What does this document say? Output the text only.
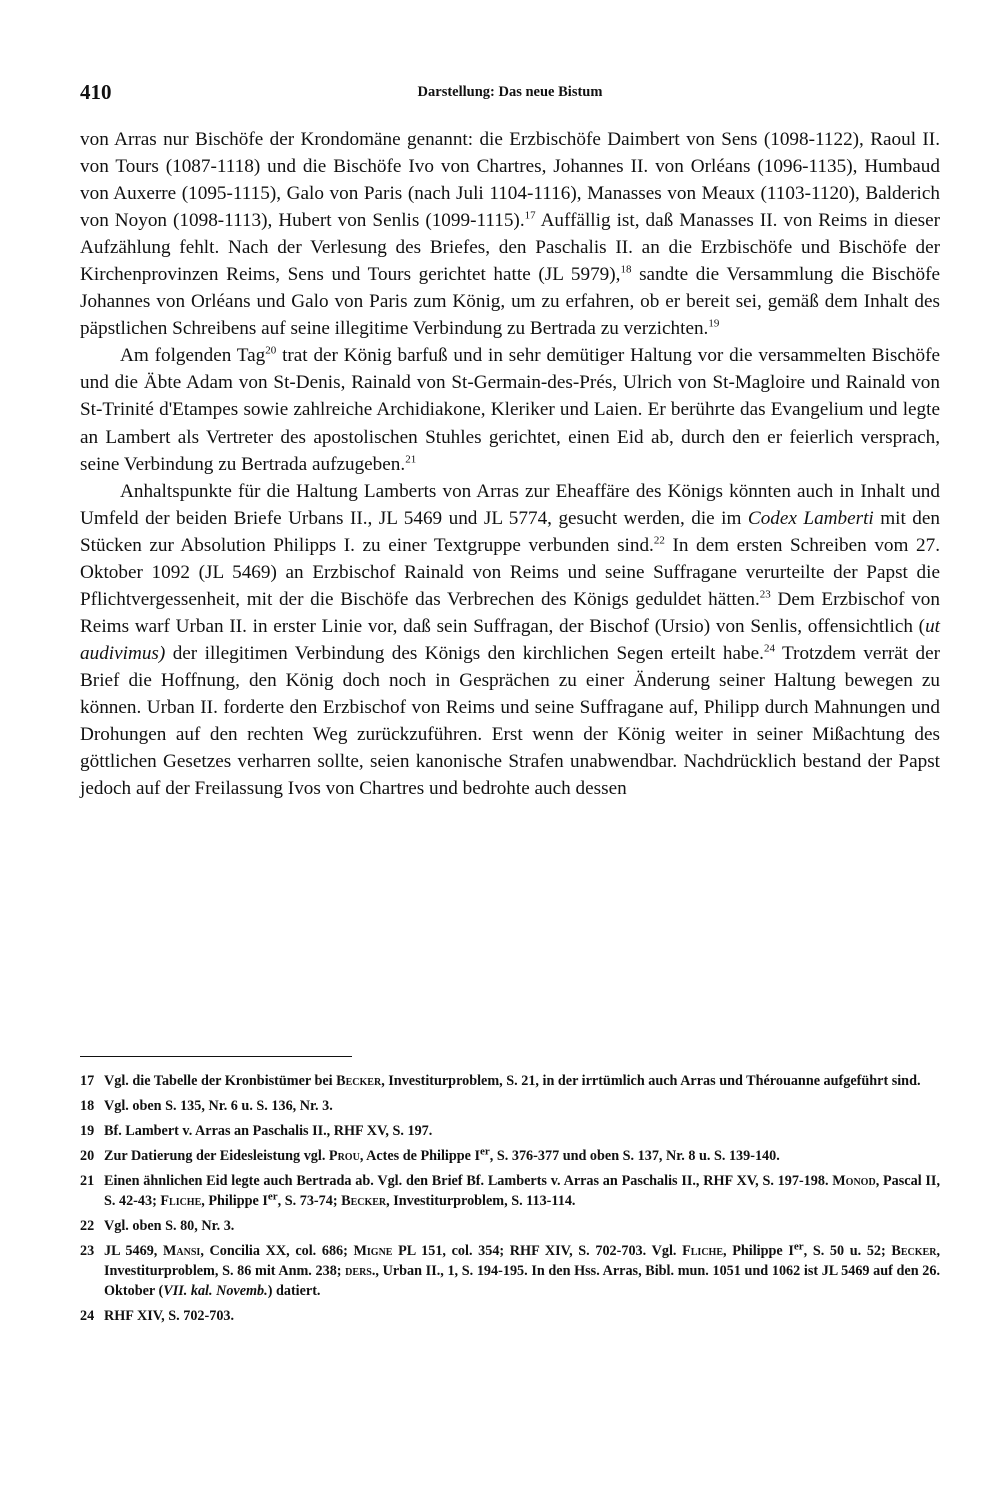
410	Darstellung: Das neue Bistum

von Arras nur Bischöfe der Krondomäne genannt: die Erzbischöfe Daimbert von Sens (1098-1122), Raoul II. von Tours (1087-1118) und die Bischöfe Ivo von Chartres, Johannes II. von Orléans (1096-1135), Humbaud von Auxerre (1095-1115), Galo von Paris (nach Juli 1104-1116), Manasses von Meaux (1103-1120), Balderich von Noyon (1098-1113), Hubert von Senlis (1099-1115).$^{17}$ Auffällig ist, daß Manasses II. von Reims in dieser Aufzählung fehlt. Nach der Verlesung des Briefes, den Paschalis II. an die Erzbischöfe und Bischöfe der Kirchenprovinzen Reims, Sens und Tours gerichtet hatte (JL 5979),$^{18}$ sandte die Versammlung die Bischöfe Johannes von Orléans und Galo von Paris zum König, um zu erfahren, ob er bereit sei, gemäß dem Inhalt des päpstlichen Schreibens auf seine illegitime Verbindung zu Bertrada zu verzichten.$^{19}$

Am folgenden Tag$^{20}$ trat der König barfuß und in sehr demütiger Haltung vor die versammelten Bischöfe und die Äbte Adam von St-Denis, Rainald von St-Germain-des-Prés, Ulrich von St-Magloire und Rainald von St-Trinité d'Etampes sowie zahlreiche Archidiakone, Kleriker und Laien. Er berührte das Evangelium und legte an Lambert als Vertreter des apostolischen Stuhles gerichtet, einen Eid ab, durch den er feierlich versprach, seine Verbindung zu Bertrada aufzugeben.$^{21}$

Anhaltspunkte für die Haltung Lamberts von Arras zur Eheaffäre des Königs könnten auch in Inhalt und Umfeld der beiden Briefe Urbans II., JL 5469 und JL 5774, gesucht werden, die im Codex Lamberti mit den Stücken zur Absolution Philipps I. zu einer Textgruppe verbunden sind.$^{22}$ In dem ersten Schreiben vom 27. Oktober 1092 (JL 5469) an Erzbischof Rainald von Reims und seine Suffragane verurteilte der Papst die Pflichtvergessenheit, mit der die Bischöfe das Verbrechen des Königs geduldet hätten.$^{23}$ Dem Erzbischof von Reims warf Urban II. in erster Linie vor, daß sein Suffragan, der Bischof (Ursio) von Senlis, offensichtlich (ut audivimus) der illegitimen Verbindung des Königs den kirchlichen Segen erteilt habe.$^{24}$ Trotzdem verrät der Brief die Hoffnung, den König doch noch in Gesprächen zu einer Änderung seiner Haltung bewegen zu können. Urban II. forderte den Erzbischof von Reims und seine Suffragane auf, Philipp durch Mahnungen und Drohungen auf den rechten Weg zurückzuführen. Erst wenn der König weiter in seiner Mißachtung des göttlichen Gesetzes verharren sollte, seien kanonische Strafen unabwendbar. Nachdrücklich bestand der Papst jedoch auf der Freilassung Ivos von Chartres und bedrohte auch dessen

17 Vgl. die Tabelle der Kronbistümer bei Becker, Investiturproblem, S. 21, in der irrtümlich auch Arras und Thérouanne aufgeführt sind.
18 Vgl. oben S. 135, Nr. 6 u. S. 136, Nr. 3.
19 Bf. Lambert v. Arras an Paschalis II., RHF XV, S. 197.
20 Zur Datierung der Eidesleistung vgl. Prou, Actes de Philippe Ier, S. 376-377 und oben S. 137, Nr. 8 u. S. 139-140.
21 Einen ähnlichen Eid legte auch Bertrada ab. Vgl. den Brief Bf. Lamberts v. Arras an Paschalis II., RHF XV, S. 197-198. Monod, Pascal II, S. 42-43; Fliche, Philippe Ier, S. 73-74; Becker, Investiturproblem, S. 113-114.
22 Vgl. oben S. 80, Nr. 3.
23 JL 5469, Mansi, Concilia XX, col. 686; Migne PL 151, col. 354; RHF XIV, S. 702-703. Vgl. Fliche, Philippe Ier, S. 50 u. 52; Becker, Investiturproblem, S. 86 mit Anm. 238; ders., Urban II., 1, S. 194-195. In den Hss. Arras, Bibl. mun. 1051 und 1062 ist JL 5469 auf den 26. Oktober (VII. kal. Novemb.) datiert.
24 RHF XIV, S. 702-703.
